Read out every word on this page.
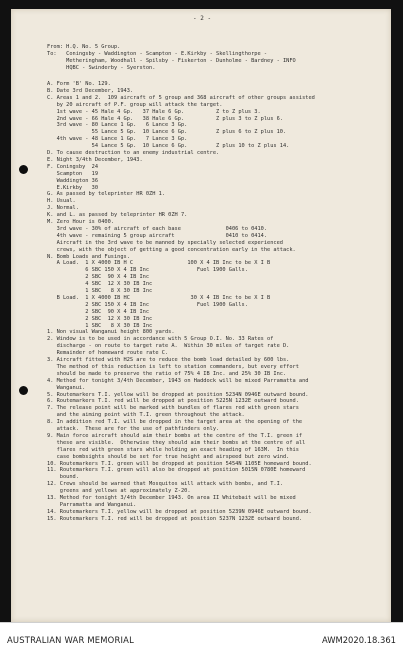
- 2 -
From: H.Q. No. 5 Group.
To:   Coningsby - Waddington - Scampton - E.Kirkby - Skellingthorpe -
Metheringham, Woodhall - Spilsby - Fiskerton - Dunholme - Bardney - INFO
HQBC - Swinderby - Syerston.
A. Form 'B' No. 129.
B. Date 3rd December, 1943.
C. Areas 1 and 2.  109 aircraft of 5 group and 368 aircraft of other groups assisted
by 20 aircraft of P.F. group will attack the target.
1st wave - 45 Hale 4 Gp.   37 Hale 6 Gp.          Z to Z plus 3.
2nd wave - 66 Hale 4 Gp.   38 Hale 6 Gp.          Z plus 3 to Z plus 6.
3rd wave - 80 Lance 1 Gp.   6 Lance 3 Gp.
55 Lance 5 Gp.  10 Lance 6 Gp.         Z plus 6 to Z plus 10.
4th wave - 48 Lance 1 Gp.   7 Lance 3 Gp.
54 Lance 5 Gp.  10 Lance 6 Gp.         Z plus 10 to Z plus 14.
D. To cause destruction to an enemy industrial centre.
E. Night 3/4th December, 1943.
F. Coningsby  24
Scampton   19
Waddington 36
E.Kirkby   30
G. As passed by teleprinter HR 0ZH 1.
H. Usual.
J. Normal.
K. and L. as passed by teleprinter HR 0ZH 7.
M. Zero Hour is 0400.
3rd wave - 30% of aircraft of each base              0406 to 0410.
4th wave - remaining 5 group aircraft                0410 to 0414.
Aircraft in the 3rd wave to be manned by specially selected experienced
crews, with the object of getting a good concentration early in the attack.
N. Bomb Loads and Fusings.
A Load.  1 X 4000 IB H C                 100 X 4 IB Inc to be X I B
6 SBC 150 X 4 IB Inc               Fuel 1900 Galls.
2 SBC  90 X 4 IB Inc
4 SBC  12 X 30 IB Inc
1 SBC   8 X 30 IB Inc
B Load.  1 X 4000 IB HC                   30 X 4 IB Inc to be X I B
2 SBC 150 X 4 IB Inc               Fuel 1900 Galls.
2 SBC  90 X 4 IB Inc
2 SBC  12 X 30 IB Inc
1 SBC   8 X 30 IB Inc
1. Non visual Wanganui height 800 yards.
2. Window is to be used in accordance with 5 Group O.I. No. 33 Rates of
discharge - on route to target rate A.  Within 30 miles of target rate D.
Remainder of homeward route rate C.
3. Aircraft fitted with H2S are to reduce the bomb load detailed by 600 lbs.
The method of this reduction is left to station commanders, but every effort
should be made to preserve the ratio of 75% 4 IB Inc. and 25% 30 IB Inc.
4. Method for tonight 3/4th December, 1943 on Haddock will be mixed Parramatta and
Wanganui.
5. Routemarkers T.I. yellow will be dropped at position 5234N 0946E outward bound.
6. Routemarkers T.I. red will be dropped at position 5225N 1232E outward bound.
7. The release point will be marked with bundles of flares red with green stars
and the aiming point with T.I. green throughout the attack.
8. In addition red T.I. will be dropped in the target area at the opening of the
attack.  These are for the use of pathfinders only.
9. Main force aircraft should aim their bombs at the centre of the T.I. green if
these are visible.  Otherwise they should aim their bombs at the centre of all
flares red with green stars while holding an exact heading of 163M.  In this
case bombsights should be set for true height and airspeed but zero wind.
10. Routemarkers T.I. green will be dropped at position 5454N 1105E homeward bound.
11. Routemarkers T.I. green will also be dropped at position 5015N 0780E homeward
bound.
12. Crews should be warned that Mosquitos will attack with bombs, and T.I.
greens and yellows at approximately Z-20.
13. Method for tonight 3/4th December 1943. On area II Whitebait will be mixed
Parramatta and Wanganui.
14. Routemarkers T.I. yellow will be dropped at position 5239N 0946E outward bound.
15. Routemarkers T.I. red will be dropped at position 5237N 1232E outward bound.
AUSTRALIAN WAR MEMORIAL	AWM2020.18.361
